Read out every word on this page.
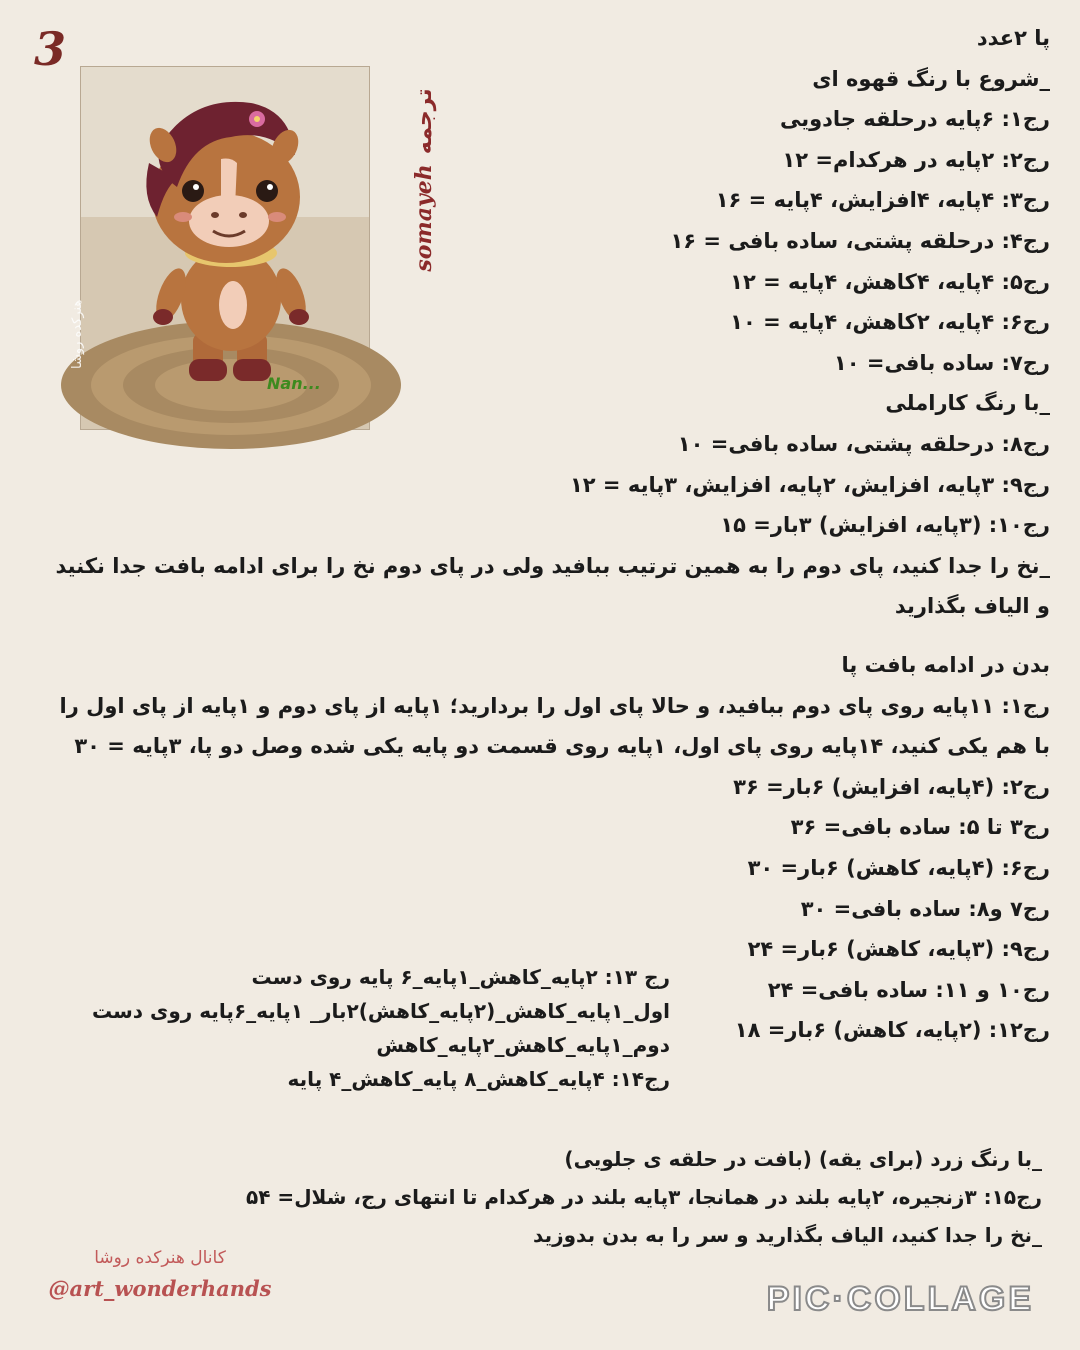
3
هنرکده روشا
Nan...
somayeh
ترجمه
پا ۲عدد
_شروع با رنگ قهوه ای
رج۱: ۶پایه درحلقه جادویی
رج۲: ۲پایه در هرکدام= ۱۲
رج۳: ۴پایه، ۴افزایش، ۴پایه = ۱۶
رج۴: درحلقه پشتی، ساده بافی = ۱۶
رج۵: ۴پایه، ۴کاهش، ۴پایه = ۱۲
رج۶: ۴پایه، ۲کاهش، ۴پایه = ۱۰
رج۷: ساده بافی= ۱۰
_با رنگ کاراملی
رج۸: درحلقه پشتی، ساده بافی= ۱۰
رج۹: ۳پایه، افزایش، ۲پایه، افزایش، ۳پایه = ۱۲
رج۱۰: (۳پایه، افزایش) ۳بار= ۱۵
_نخ را جدا کنید، پای دوم را به همین ترتیب ببافید ولی در پای دوم نخ را برای ادامه بافت جدا نکنید و الیاف بگذارید
بدن در ادامه بافت پا
رج۱: ۱۱پایه روی پای دوم ببافید، و حالا پای اول را بردارید؛ ۱پایه از پای دوم و ۱پایه از پای اول را با هم یکی کنید، ۱۴پایه روی پای اول، ۱پایه روی قسمت دو پایه یکی شده وصل دو پا، ۳پایه = ۳۰
رج۲: (۴پایه، افزایش) ۶بار= ۳۶
رج۳ تا ۵: ساده بافی= ۳۶
رج۶: (۴پایه، کاهش) ۶بار= ۳۰
رج۷ و۸: ساده بافی= ۳۰
رج۹: (۳پایه، کاهش) ۶بار= ۲۴
رج۱۰ و ۱۱: ساده بافی= ۲۴
رج۱۲: (۲پایه، کاهش) ۶بار= ۱۸
رج ۱۳: ۲پایه_کاهش_۱پایه_۶ پایه روی دست اول_۱پایه_کاهش_(۲پایه_کاهش)۲بار_ ۱پایه_۶پایه روی دست دوم_۱پایه_کاهش_۲پایه_کاهش
رج۱۴: ۴پایه_کاهش_۸ پایه_کاهش_۴ پایه
_با رنگ زرد (برای یقه) (بافت در حلقه ی جلویی)
رج۱۵: ۳زنجیره، ۲پایه بلند در همانجا، ۳پایه بلند در هرکدام تا انتهای رج، شلال= ۵۴
_نخ را جدا کنید، الیاف بگذارید و سر را به بدن بدوزید
کانال هنرکده روشا
@art_wonderhands	PIC·COLLAGE
